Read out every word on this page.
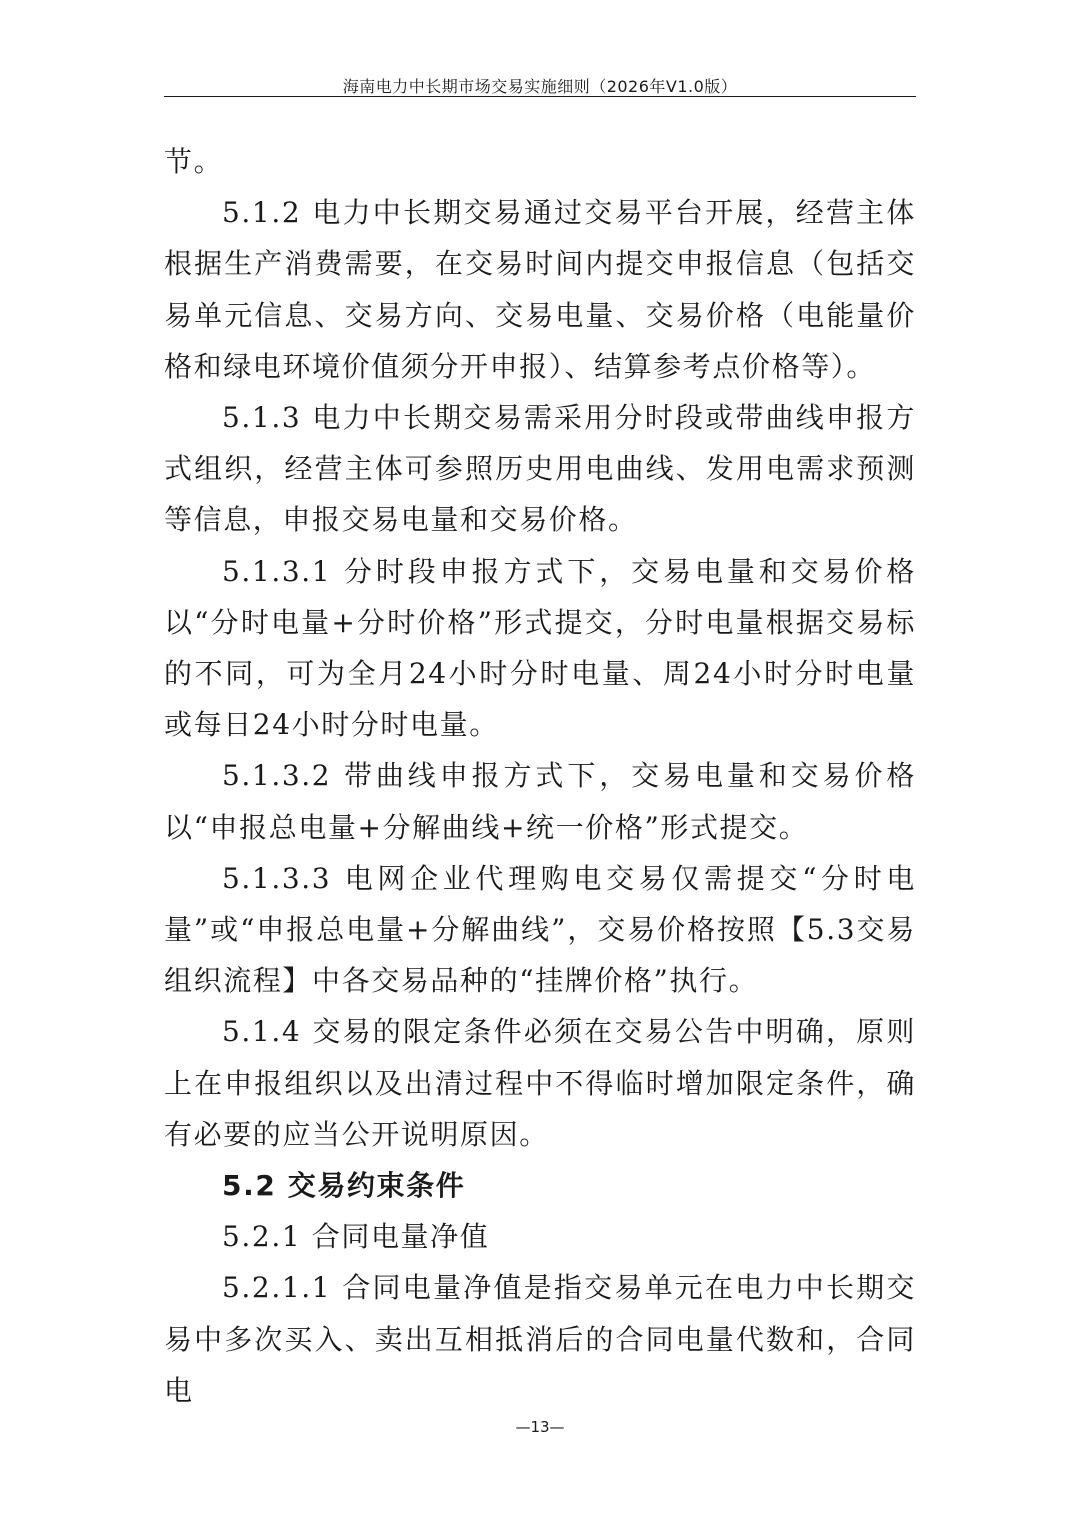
海南电力中长期市场交易实施细则（2026年V1.0版）

节。

5.1.2 电力中长期交易通过交易平台开展，经营主体根据生产消费需要，在交易时间内提交申报信息（包括交易单元信息、交易方向、交易电量、交易价格（电能量价格和绿电环境价值须分开申报）、结算参考点价格等）。

5.1.3 电力中长期交易需采用分时段或带曲线申报方式组织，经营主体可参照历史用电曲线、发用电需求预测等信息，申报交易电量和交易价格。

5.1.3.1 分时段申报方式下，交易电量和交易价格以“分时电量+分时价格”形式提交，分时电量根据交易标的不同，可为全月24小时分时电量、周24小时分时电量或每日24小时分时电量。

5.1.3.2 带曲线申报方式下，交易电量和交易价格以“申报总电量+分解曲线+统一价格”形式提交。

5.1.3.3 电网企业代理购电交易仅需提交“分时电量”或“申报总电量+分解曲线”，交易价格按照【5.3交易组织流程】中各交易品种的“挂牌价格”执行。

5.1.4 交易的限定条件必须在交易公告中明确，原则上在申报组织以及出清过程中不得临时增加限定条件，确有必要的应当公开说明原因。

5.2 交易约束条件

5.2.1 合同电量净值

5.2.1.1 合同电量净值是指交易单元在电力中长期交易中多次买入、卖出互相抵消后的合同电量代数和，合同电

—13—
